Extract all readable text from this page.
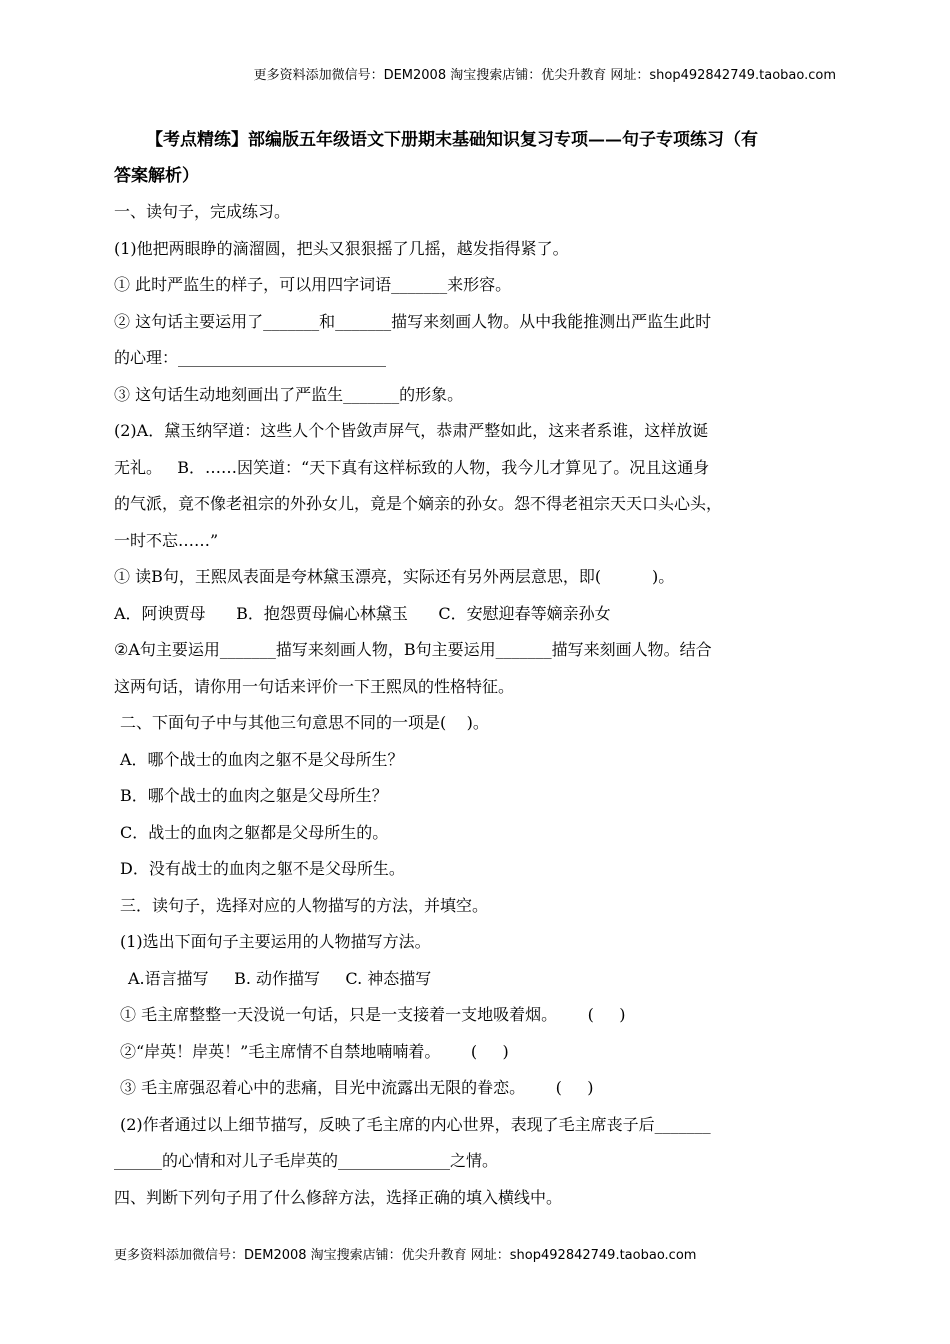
更多资料添加微信号：DEM2008 淘宝搜索店铺：优尖升教育 网址：shop492842749.taobao.com

【考点精练】部编版五年级语文下册期末基础知识复习专项——句子专项练习（有

答案解析）

一、读句子，完成练习。

(1)他把两眼睁的滴溜圆，把头又狠狠摇了几摇，越发指得紧了。

① 此时严监生的样子，可以用四字词语_______来形容。

② 这句话主要运用了_______和_______描写来刻画人物。从中我能推测出严监生此时

的心理：__________________________

③ 这句话生动地刻画出了严监生_______的形象。

(2)A．黛玉纳罕道：这些人个个皆敛声屏气，恭肃严整如此，这来者系谁，这样放诞

无礼。   B．……因笑道：“天下真有这样标致的人物，我今儿才算见了。况且这通身

的气派，竟不像老祖宗的外孙女儿，竟是个嫡亲的孙女。怨不得老祖宗天天口头心头，

一时不忘……”

① 读B句，王熙凤表面是夸林黛玉漂亮，实际还有另外两层意思，即(          )。

A．阿谀贾母      B．抱怨贾母偏心林黛玉      C．安慰迎春等嫡亲孙女

②A句主要运用_______描写来刻画人物，B句主要运用_______描写来刻画人物。结合

这两句话，请你用一句话来评价一下王熙凤的性格特征。

二、下面句子中与其他三句意思不同的一项是(    )。

A．哪个战士的血肉之躯不是父母所生？

B．哪个战士的血肉之躯是父母所生？

C．战士的血肉之躯都是父母所生的。

D．没有战士的血肉之躯不是父母所生。

三．读句子，选择对应的人物描写的方法，并填空。

(1)选出下面句子主要运用的人物描写方法。

A.语言描写     B. 动作描写     C. 神态描写

① 毛主席整整一天没说一句话，只是一支接着一支地吸着烟。      (     )

②“岸英！岸英！”毛主席情不自禁地喃喃着。      (     )

③ 毛主席强忍着心中的悲痛，目光中流露出无限的眷恋。      (     )

(2)作者通过以上细节描写，反映了毛主席的内心世界，表现了毛主席丧子后_______

______的心情和对儿子毛岸英的______________之情。

四、判断下列句子用了什么修辞方法，选择正确的填入横线中。

更多资料添加微信号：DEM2008 淘宝搜索店铺：优尖升教育 网址：shop492842749.taobao.com
